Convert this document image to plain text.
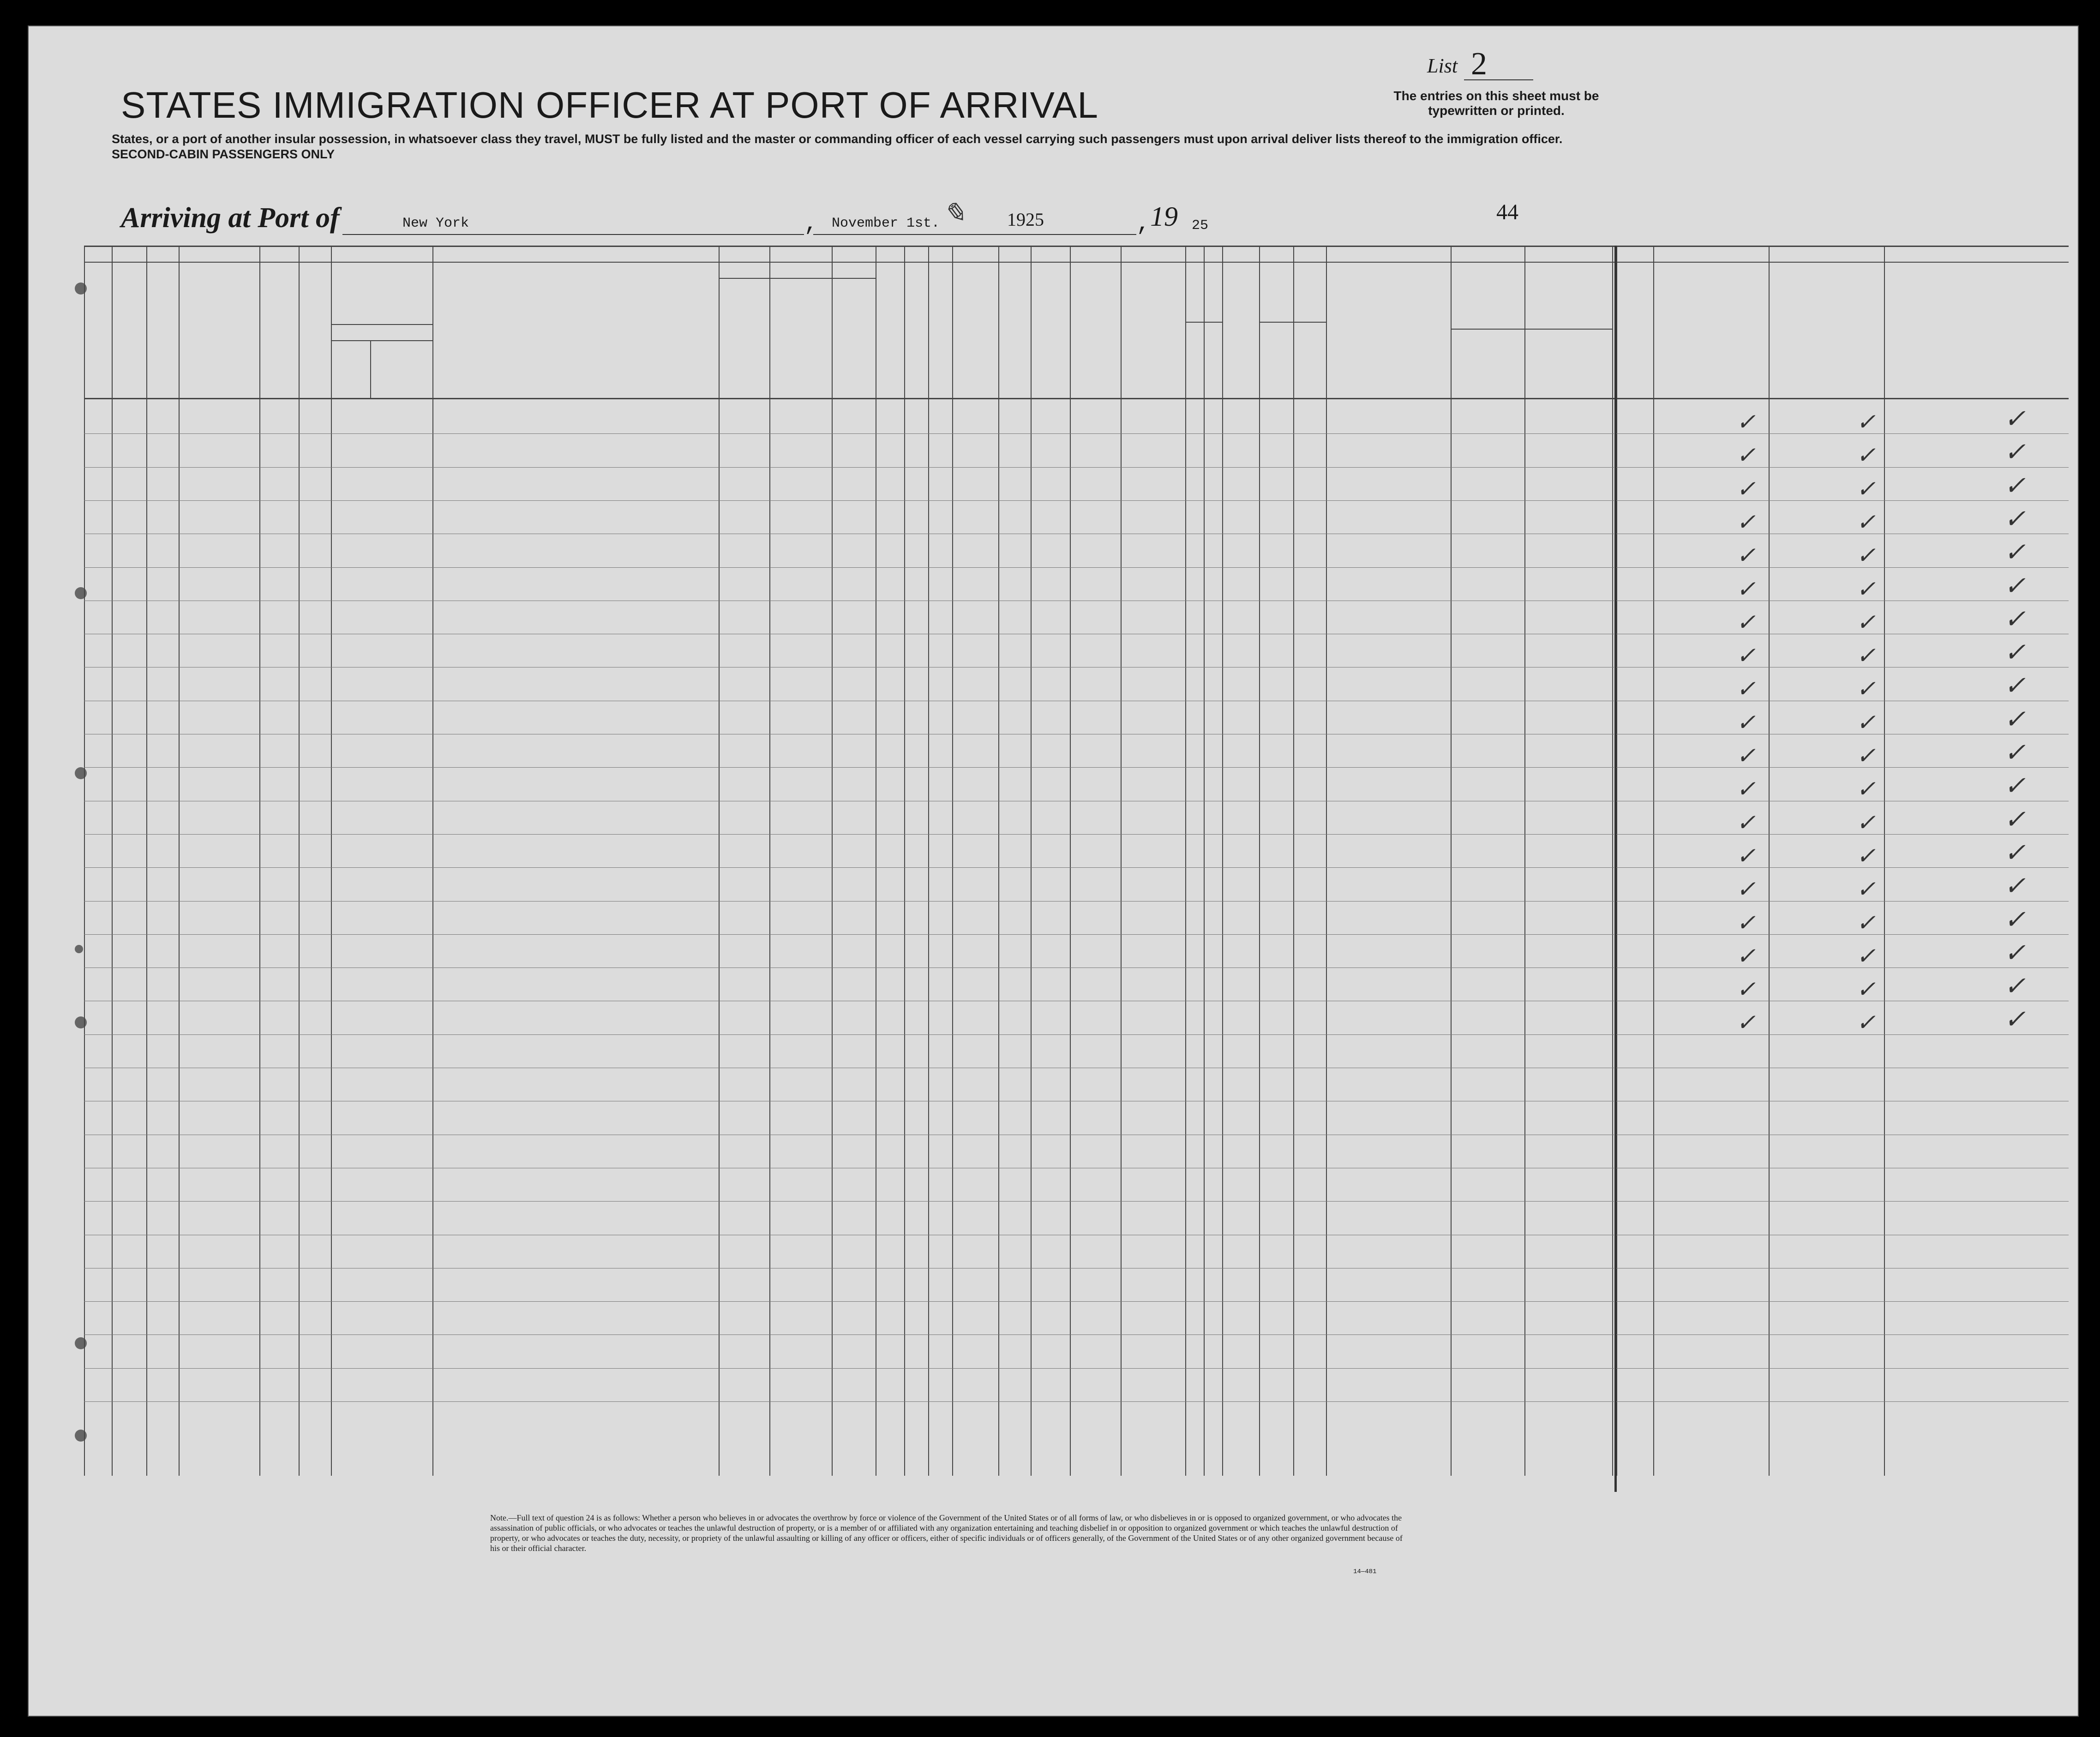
List 2
STATES IMMIGRATION OFFICER AT PORT OF ARRIVAL	The entries on this sheet must be typewritten or printed.
States, or a port of another insular possession, in whatsoever class they travel, MUST be fully listed and the master or commanding officer of each vessel carrying such passengers must upon arrival deliver lists thereof to the immigration officer.
SECOND-CABIN PASSENGERS ONLY
Arriving at Port of	New York	, November 1st.	1925
✎	, 19 25
44
Note.—Full text of question 24 is as follows: Whether a person who believes in or advocates the overthrow by force or violence of the Government of the United States or of all forms of law, or who disbelieves in or is opposed to organized government, or who advocates the assassination of public officials, or who advocates or teaches the unlawful destruction of property, or is a member of or affiliated with any organization entertaining and teaching disbelief in or opposition to organized government or which teaches the unlawful destruction of property, or who advocates or teaches the duty, necessity, or propriety of the unlawful assaulting or killing of any officer or officers, either of specific individuals or of officers generally, of the Government of the United States or of any other organized government because of his or their official character.
14—481
✓	✓	✓
✓	✓	✓
✓	✓	✓
✓	✓	✓
✓	✓	✓
✓	✓	✓
✓	✓	✓
✓	✓	✓
✓	✓	✓
✓	✓	✓
✓	✓	✓
✓	✓	✓
✓	✓	✓
✓	✓	✓
✓	✓	✓
✓	✓	✓
✓	✓	✓
✓	✓	✓
✓	✓	✓
